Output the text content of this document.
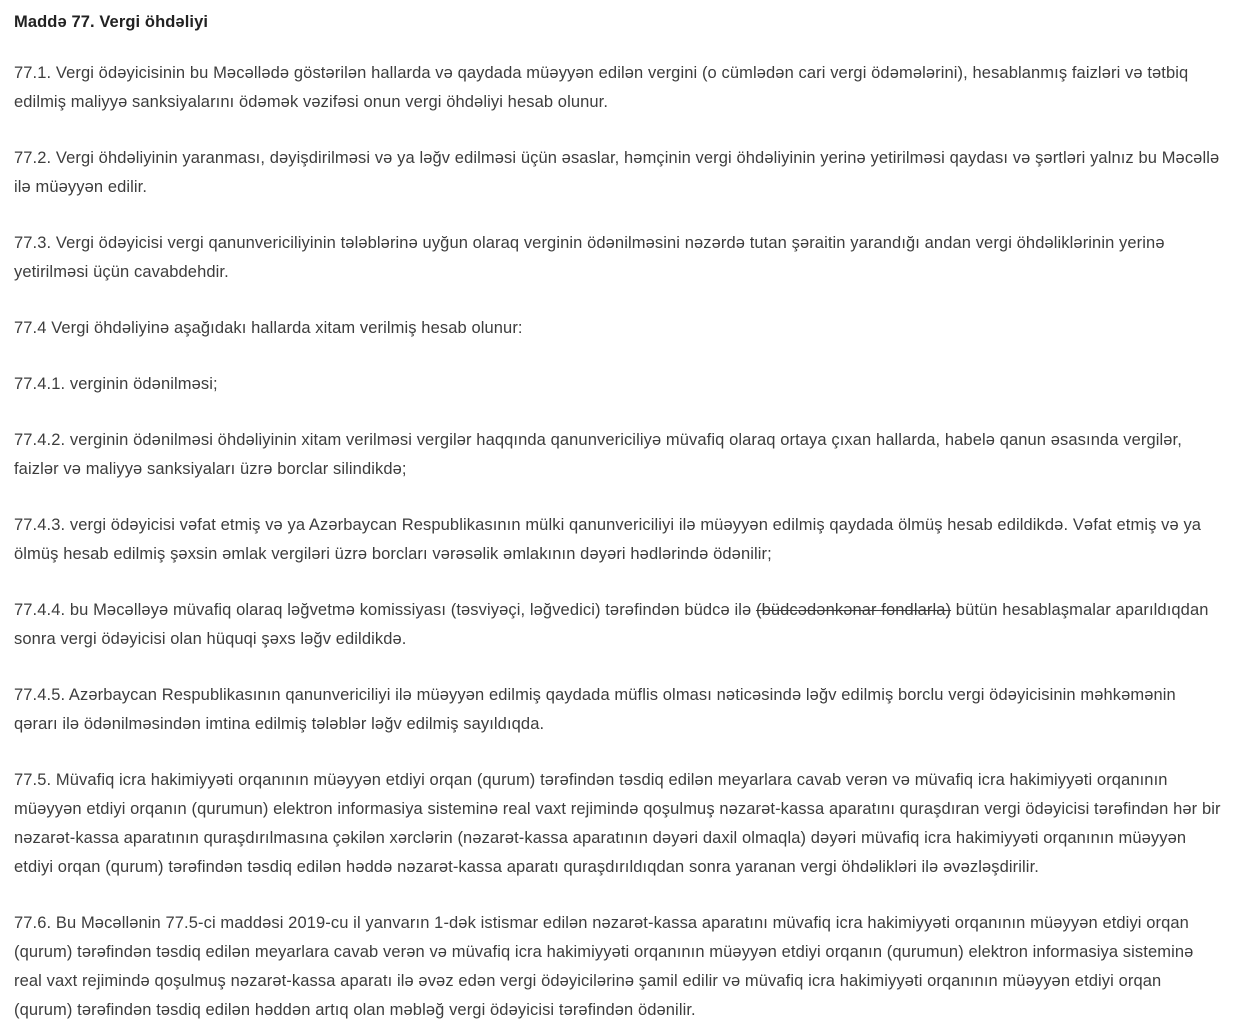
Maddə 77. Vergi öhdəliyi

77.1. Vergi ödəyicisinin bu Məcəllədə göstərilən hallarda və qaydada müəyyən edilən vergini (o cümlədən cari vergi ödəmələrini), hesablanmış faizləri və tətbiq edilmiş maliyyə sanksiyalarını ödəmək vəzifəsi onun vergi öhdəliyi hesab olunur.

77.2. Vergi öhdəliyinin yaranması, dəyişdirilməsi və ya ləğv edilməsi üçün əsaslar, həmçinin vergi öhdəliyinin yerinə yetirilməsi qaydası və şərtləri yalnız bu Məcəllə ilə müəyyən edilir.

77.3. Vergi ödəyicisi vergi qanunvericiliyinin tələblərinə uyğun olaraq verginin ödənilməsini nəzərdə tutan şəraitin yarandığı andan vergi öhdəliklərinin yerinə yetirilməsi üçün cavabdehdir.

77.4 Vergi öhdəliyinə aşağıdakı hallarda xitam verilmiş hesab olunur:

77.4.1. verginin ödənilməsi;

77.4.2. verginin ödənilməsi öhdəliyinin xitam verilməsi vergilər haqqında qanunvericiliyə müvafiq olaraq ortaya çıxan hallarda, habelə qanun əsasında vergilər, faizlər və maliyyə sanksiyaları üzrə borclar silindikdə;

77.4.3. vergi ödəyicisi vəfat etmiş və ya Azərbaycan Respublikasının mülki qanunvericiliyi ilə müəyyən edilmiş qaydada ölmüş hesab edildikdə. Vəfat etmiş və ya ölmüş hesab edilmiş şəxsin əmlak vergiləri üzrə borcları vərəsəlik əmlakının dəyəri hədlərində ödənilir;

77.4.4. bu Məcəlləyə müvafiq olaraq ləğvetmə komissiyası (təsviyəçi, ləğvedici) tərəfindən büdcə ilə (büdcədənkənar fondlarla) bütün hesablaşmalar aparıldıqdan sonra vergi ödəyicisi olan hüquqi şəxs ləğv edildikdə.

77.4.5. Azərbaycan Respublikasının qanunvericiliyi ilə müəyyən edilmiş qaydada müflis olması nəticəsində ləğv edilmiş borclu vergi ödəyicisinin məhkəmənin qərarı ilə ödənilməsindən imtina edilmiş tələblər ləğv edilmiş sayıldıqda.

77.5. Müvafiq icra hakimiyyəti orqanının müəyyən etdiyi orqan (qurum) tərəfindən təsdiq edilən meyarlara cavab verən və müvafiq icra hakimiyyəti orqanının müəyyən etdiyi orqanın (qurumun) elektron informasiya sisteminə real vaxt rejimində qoşulmuş nəzarət-kassa aparatını quraşdıran vergi ödəyicisi tərəfindən hər bir nəzarət-kassa aparatının quraşdırılmasına çəkilən xərclərin (nəzarət-kassa aparatının dəyəri daxil olmaqla) dəyəri müvafiq icra hakimiyyəti orqanının müəyyən etdiyi orqan (qurum) tərəfindən təsdiq edilən həddə nəzarət-kassa aparatı quraşdırıldıqdan sonra yaranan vergi öhdəlikləri ilə əvəzləşdirilir.

77.6. Bu Məcəllənin 77.5-ci maddəsi 2019-cu il yanvarın 1-dək istismar edilən nəzarət-kassa aparatını müvafiq icra hakimiyyəti orqanının müəyyən etdiyi orqan (qurum) tərəfindən təsdiq edilən meyarlara cavab verən və müvafiq icra hakimiyyəti orqanının müəyyən etdiyi orqanın (qurumun) elektron informasiya sisteminə real vaxt rejimində qoşulmuş nəzarət-kassa aparatı ilə əvəz edən vergi ödəyicilərinə şamil edilir və müvafiq icra hakimiyyəti orqanının müəyyən etdiyi orqan (qurum) tərəfindən təsdiq edilən həddən artıq olan məbləğ vergi ödəyicisi tərəfindən ödənilir.
